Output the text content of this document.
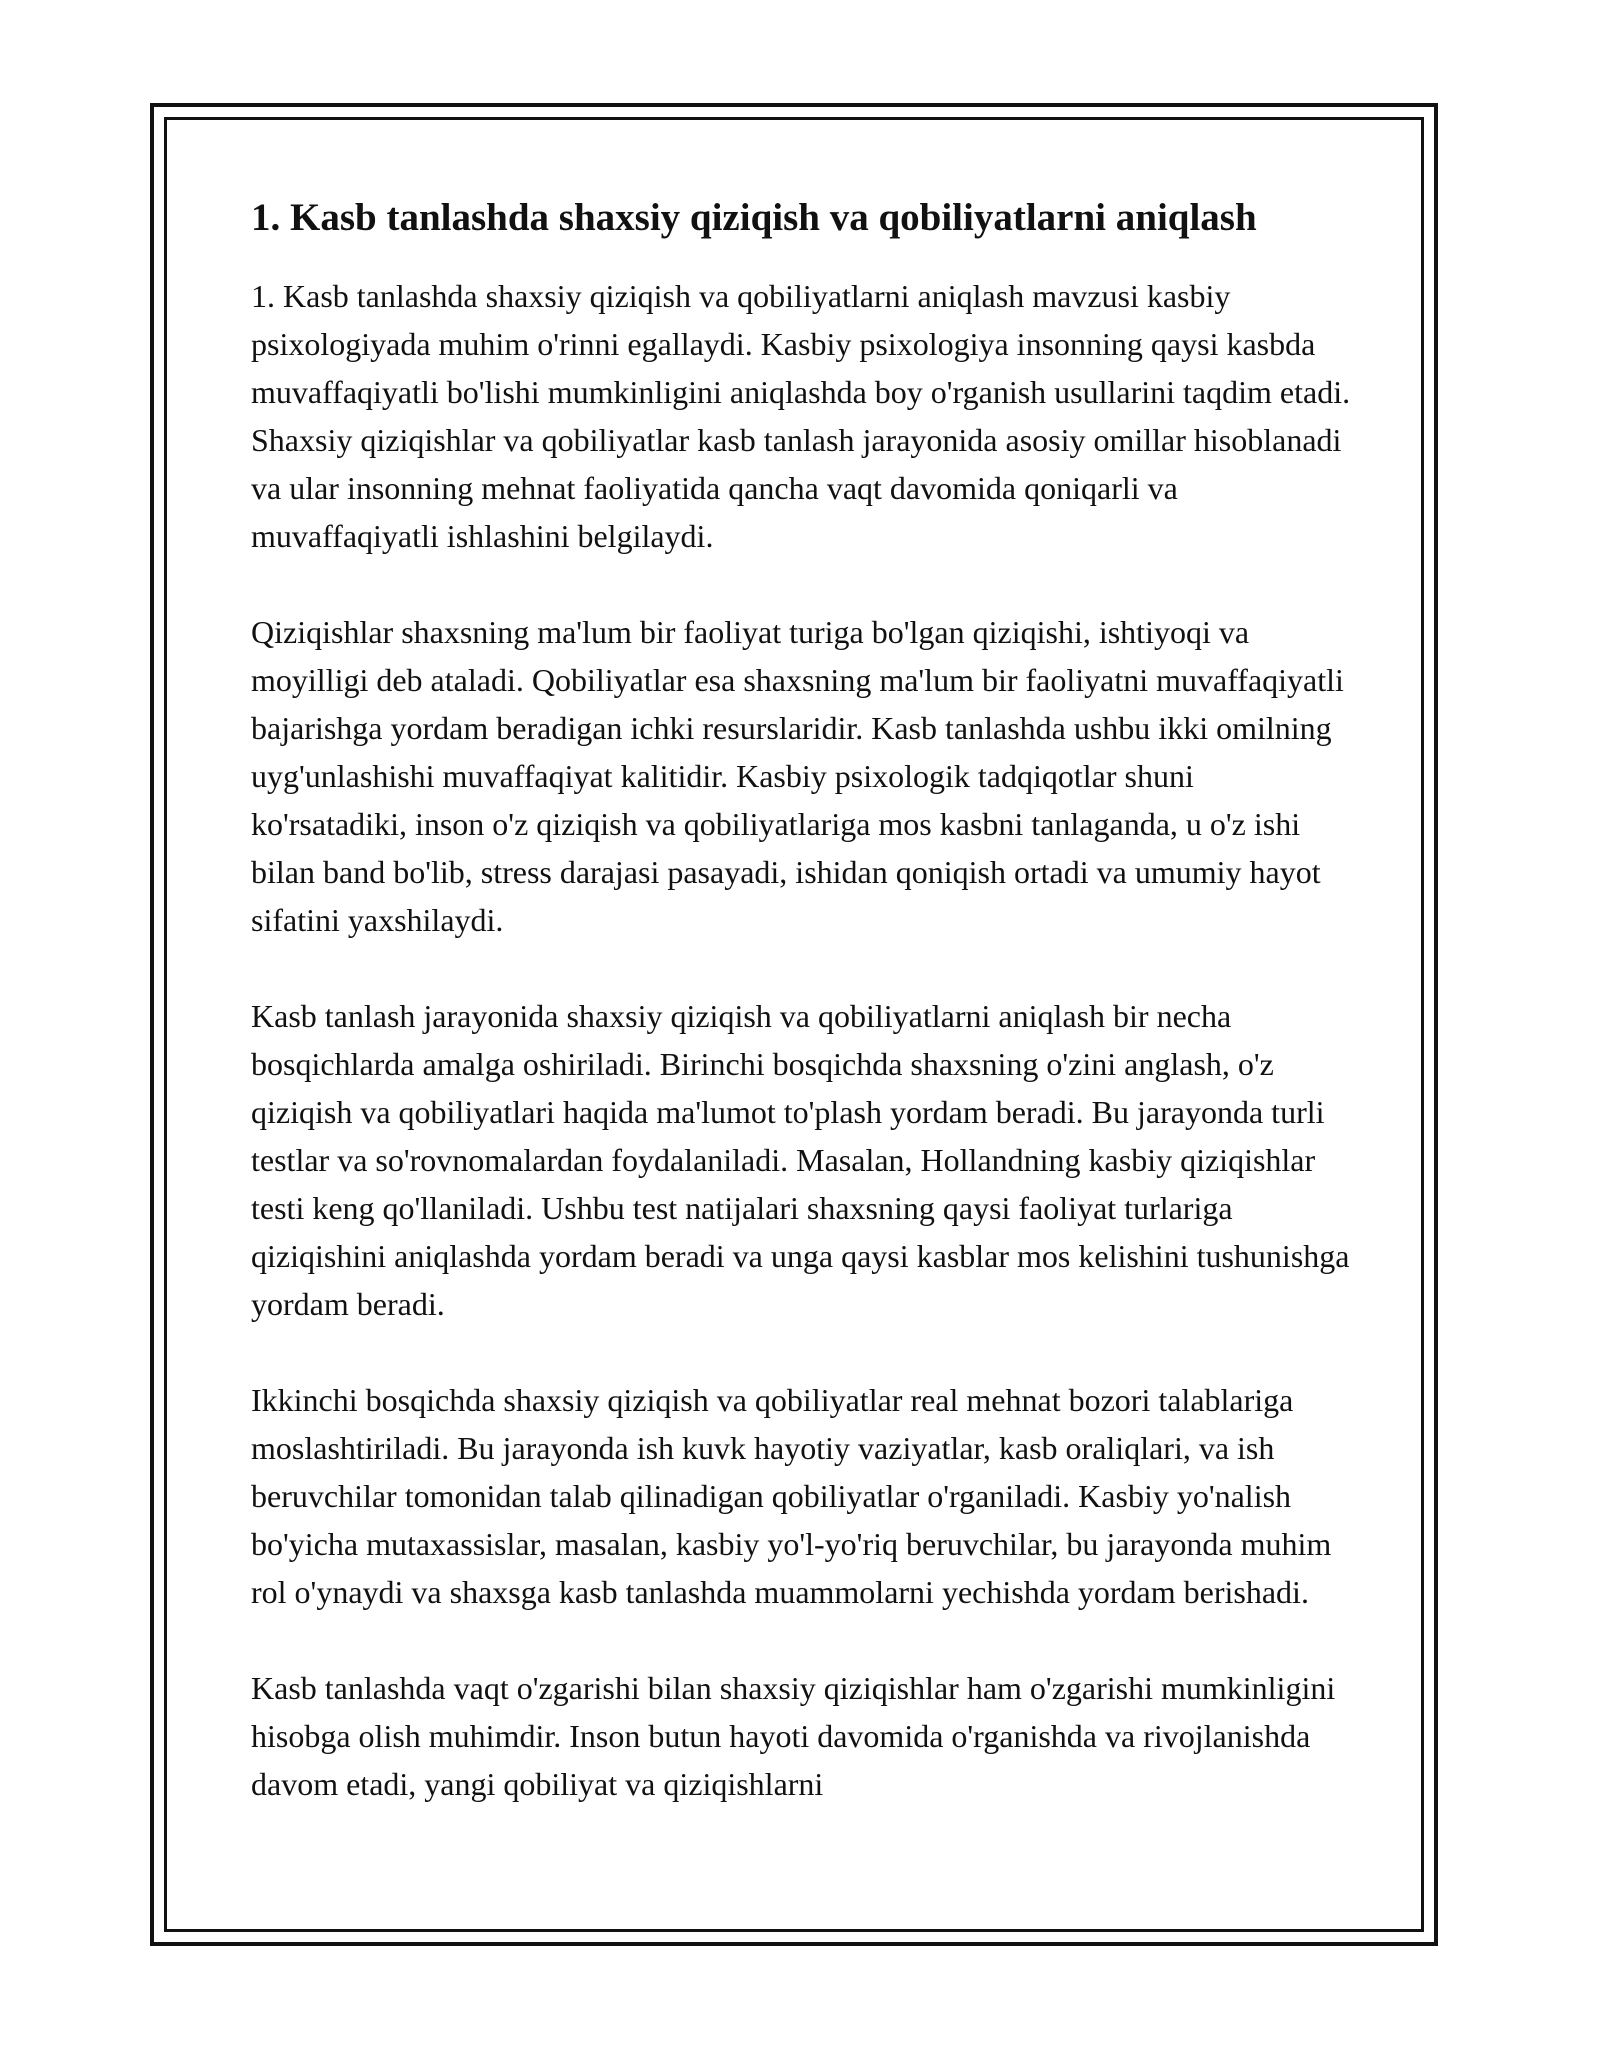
1. Kasb tanlashda shaxsiy qiziqish va qobiliyatlarni aniqlash

1. Kasb tanlashda shaxsiy qiziqish va qobiliyatlarni aniqlash mavzusi kasbiy psixologiyada muhim o'rinni egallaydi. Kasbiy psixologiya insonning qaysi kasbda muvaffaqiyatli bo'lishi mumkinligini aniqlashda boy o'rganish usullarini taqdim etadi. Shaxsiy qiziqishlar va qobiliyatlar kasb tanlash jarayonida asosiy omillar hisoblanadi va ular insonning mehnat faoliyatida qancha vaqt davomida qoniqarli va muvaffaqiyatli ishlashini belgilaydi.

Qiziqishlar shaxsning ma'lum bir faoliyat turiga bo'lgan qiziqishi, ishtiyoqi va moyilligi deb ataladi. Qobiliyatlar esa shaxsning ma'lum bir faoliyatni muvaffaqiyatli bajarishga yordam beradigan ichki resurslaridir. Kasb tanlashda ushbu ikki omilning uyg'unlashishi muvaffaqiyat kalitidir. Kasbiy psixologik tadqiqotlar shuni ko'rsatadiki, inson o'z qiziqish va qobiliyatlariga mos kasbni tanlaganda, u o'z ishi bilan band bo'lib, stress darajasi pasayadi, ishidan qoniqish ortadi va umumiy hayot sifatini yaxshilaydi.

Kasb tanlash jarayonida shaxsiy qiziqish va qobiliyatlarni aniqlash bir necha bosqichlarda amalga oshiriladi. Birinchi bosqichda shaxsning o'zini anglash, o'z qiziqish va qobiliyatlari haqida ma'lumot to'plash yordam beradi. Bu jarayonda turli testlar va so'rovnomalardan foydalaniladi. Masalan, Hollandning kasbiy qiziqishlar testi keng qo'llaniladi. Ushbu test natijalari shaxsning qaysi faoliyat turlariga qiziqishini aniqlashda yordam beradi va unga qaysi kasblar mos kelishini tushunishga yordam beradi.

Ikkinchi bosqichda shaxsiy qiziqish va qobiliyatlar real mehnat bozori talablariga moslashtiriladi. Bu jarayonda ish kuvk hayotiy vaziyatlar, kasb oraliqlari, va ish beruvchilar tomonidan talab qilinadigan qobiliyatlar o'rganiladi. Kasbiy yo'nalish bo'yicha mutaxassislar, masalan, kasbiy yo'l-yo'riq beruvchilar, bu jarayonda muhim rol o'ynaydi va shaxsga kasb tanlashda muammolarni yechishda yordam berishadi.

Kasb tanlashda vaqt o'zgarishi bilan shaxsiy qiziqishlar ham o'zgarishi mumkinligini hisobga olish muhimdir. Inson butun hayoti davomida o'rganishda va rivojlanishda davom etadi, yangi qobiliyat va qiziqishlarni
